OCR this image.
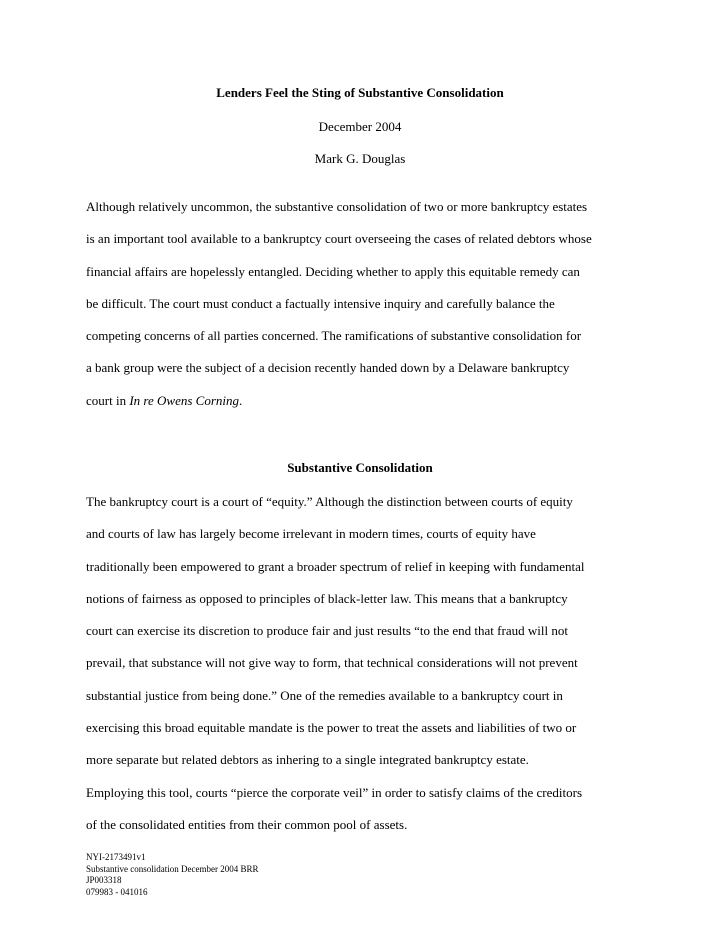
Lenders Feel the Sting of Substantive Consolidation
December 2004
Mark G. Douglas

Although relatively uncommon, the substantive consolidation of two or more bankruptcy estates
is an important tool available to a bankruptcy court overseeing the cases of related debtors whose
financial affairs are hopelessly entangled. Deciding whether to apply this equitable remedy can
be difficult. The court must conduct a factually intensive inquiry and carefully balance the
competing concerns of all parties concerned. The ramifications of substantive consolidation for
a bank group were the subject of a decision recently handed down by a Delaware bankruptcy
court in In re Owens Corning.

Substantive Consolidation

The bankruptcy court is a court of “equity.” Although the distinction between courts of equity
and courts of law has largely become irrelevant in modern times, courts of equity have
traditionally been empowered to grant a broader spectrum of relief in keeping with fundamental
notions of fairness as opposed to principles of black-letter law. This means that a bankruptcy
court can exercise its discretion to produce fair and just results “to the end that fraud will not
prevail, that substance will not give way to form, that technical considerations will not prevent
substantial justice from being done.” One of the remedies available to a bankruptcy court in
exercising this broad equitable mandate is the power to treat the assets and liabilities of two or
more separate but related debtors as inhering to a single integrated bankruptcy estate.
Employing this tool, courts “pierce the corporate veil” in order to satisfy claims of the creditors
of the consolidated entities from their common pool of assets.

NYI-2173491v1
Substantive consolidation December 2004 BRR
JP003318
079983 - 041016
